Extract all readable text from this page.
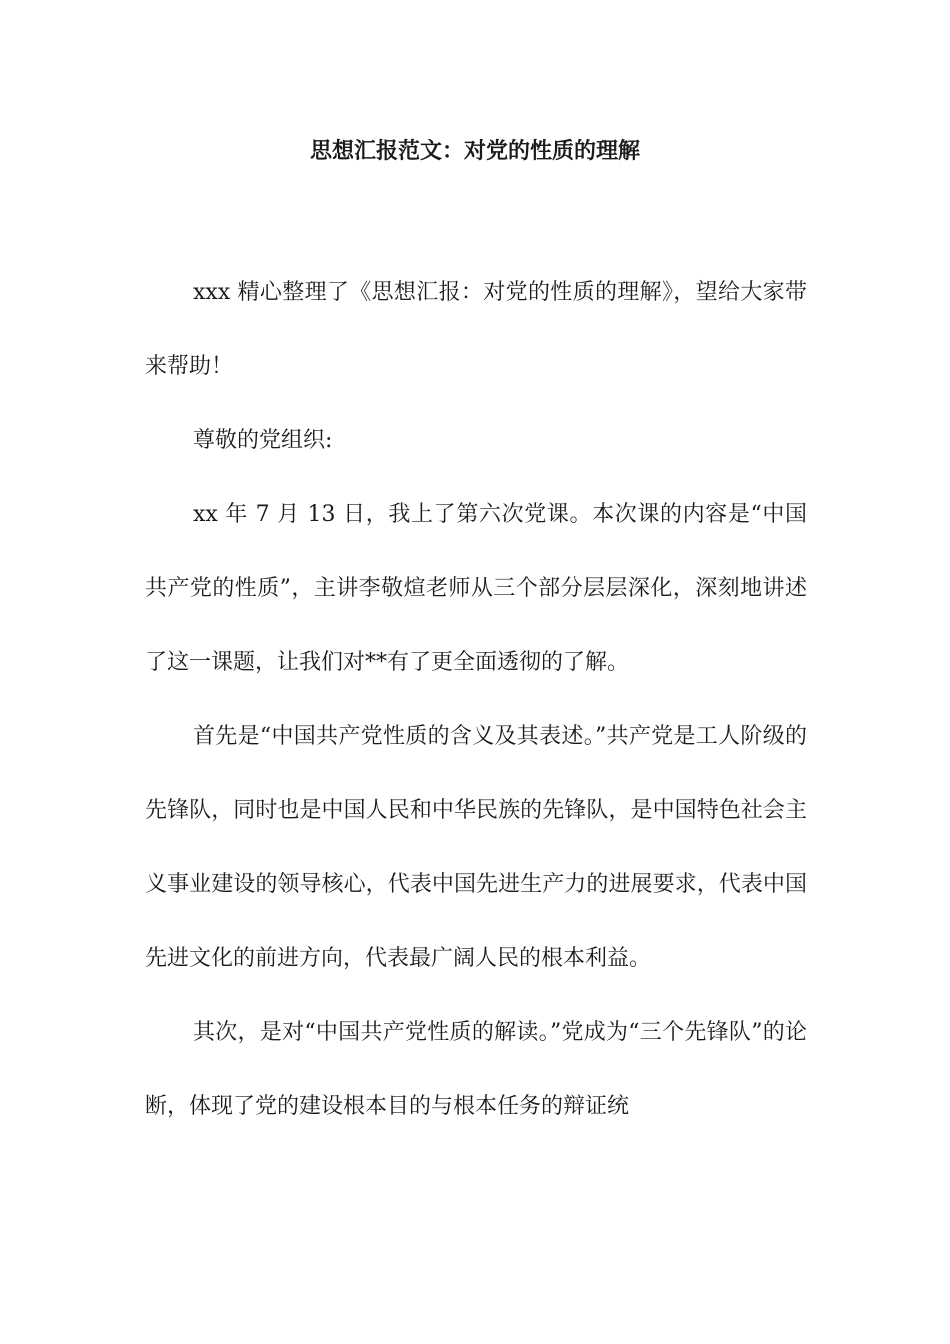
思想汇报范文：对党的性质的理解

xxx 精心整理了《思想汇报：对党的性质的理解》，望给大家带来帮助！

尊敬的党组织:

xx 年 7 月 13 日，我上了第六次党课。本次课的内容是“中国共产党的性质”，主讲李敬煊老师从三个部分层层深化，深刻地讲述了这一课题，让我们对**有了更全面透彻的了解。

首先是“中国共产党性质的含义及其表述。”共产党是工人阶级的先锋队，同时也是中国人民和中华民族的先锋队，是中国特色社会主义事业建设的领导核心，代表中国先进生产力的进展要求，代表中国先进文化的前进方向，代表最广阔人民的根本利益。

其次，是对“中国共产党性质的解读。”党成为“三个先锋队”的论断，体现了党的建设根本目的与根本任务的辩证统
